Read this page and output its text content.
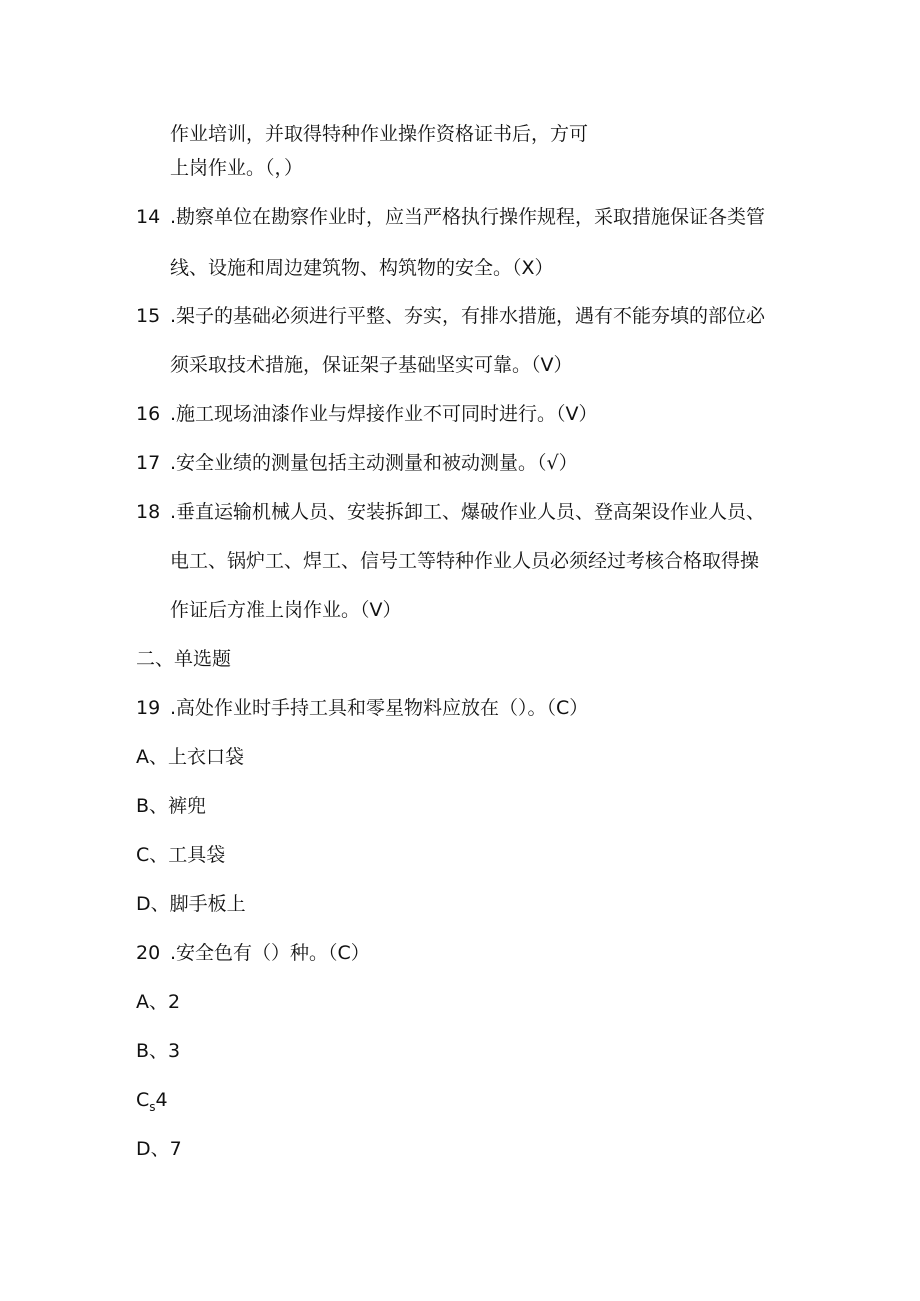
作业培训，并取得特种作业操作资格证书后，方可
上岗作业。（，）
14 .勘察单位在勘察作业时，应当严格执行操作规程，采取措施保证各类管
线、设施和周边建筑物、构筑物的安全。（X）
15 .架子的基础必须进行平整、夯实，有排水措施，遇有不能夯填的部位必
须采取技术措施，保证架子基础坚实可靠。（V）
16 .施工现场油漆作业与焊接作业不可同时进行。（V）
17 .安全业绩的测量包括主动测量和被动测量。（√）
18 .垂直运输机械人员、安装拆卸工、爆破作业人员、登高架设作业人员、
电工、锅炉工、焊工、信号工等特种作业人员必须经过考核合格取得操
作证后方准上岗作业。（V）
二、单选题
19 .高处作业时手持工具和零星物料应放在（）。（C）
A、上衣口袋
B、裤兜
C、工具袋
D、脚手板上
20 .安全色有（）种。（C）
A、2
B、3
$C_s4$
D、7
